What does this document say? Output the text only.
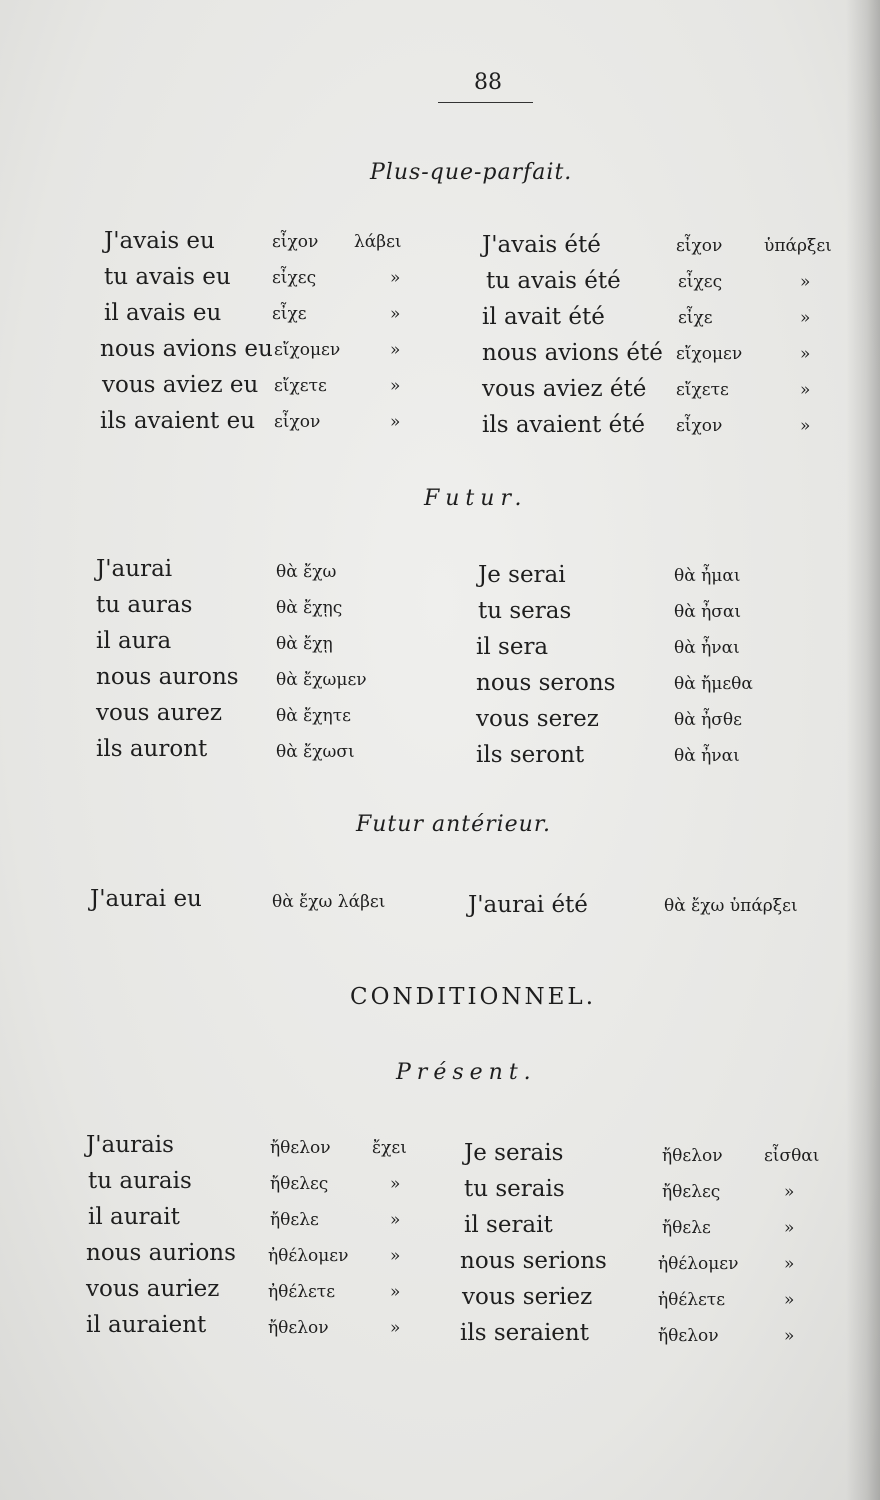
88
Plus-que-parfait.
J'avais eu	εἶχον λάβει
tu avais eu εἶχες	»
il avais eu	εἶχε	»
nous avions eu εἴχομεν	»
vous aviez eu εἴχετε	»
ils avaient eu εἶχον	»
J'avais été	εἶχον ὑπάρξει
tu avais été	εἶχες	»
il avait été	εἶχε	»
nous avions été εἴχομεν	»
vous aviez été εἴχετε	»
ils avaient été εἶχον	»
Futur.
J'aurai	θὰ ἔχω
tu auras	θὰ ἔχῃς
il aura	θὰ ἔχῃ
nous aurons θὰ ἔχωμεν
vous aurez	θὰ ἔχητε
ils auront	θὰ ἔχωσι
Je serai	θὰ ἦμαι
tu seras	θὰ ἦσαι
il sera	θὰ ἦναι
nous serons	θὰ ἤμεθα
vous serez	θὰ ἦσθε
ils seront	θὰ ἦναι
Futur antérieur.
J'aurai eu	θὰ ἔχω λάβει	J'aurai été	θὰ ἔχω ὑπάρξει
CONDITIONNEL.
Présent.
J'aurais	ἤθελον ἔχει
tu aurais	ἤθελες	»
il aurait	ἤθελε	»
nous aurions ἠθέλομεν »
vous auriez	ἠθέλετε	»
il auraient	ἤθελον	»
Je serais	ἤθελον εἶσθαι
tu serais	ἤθελες	»
il serait	ἤθελε	»
nous serions	ἠθέλομεν	»
vous seriez	ἠθέλετε	»
ils seraient	ἤθελον	»
